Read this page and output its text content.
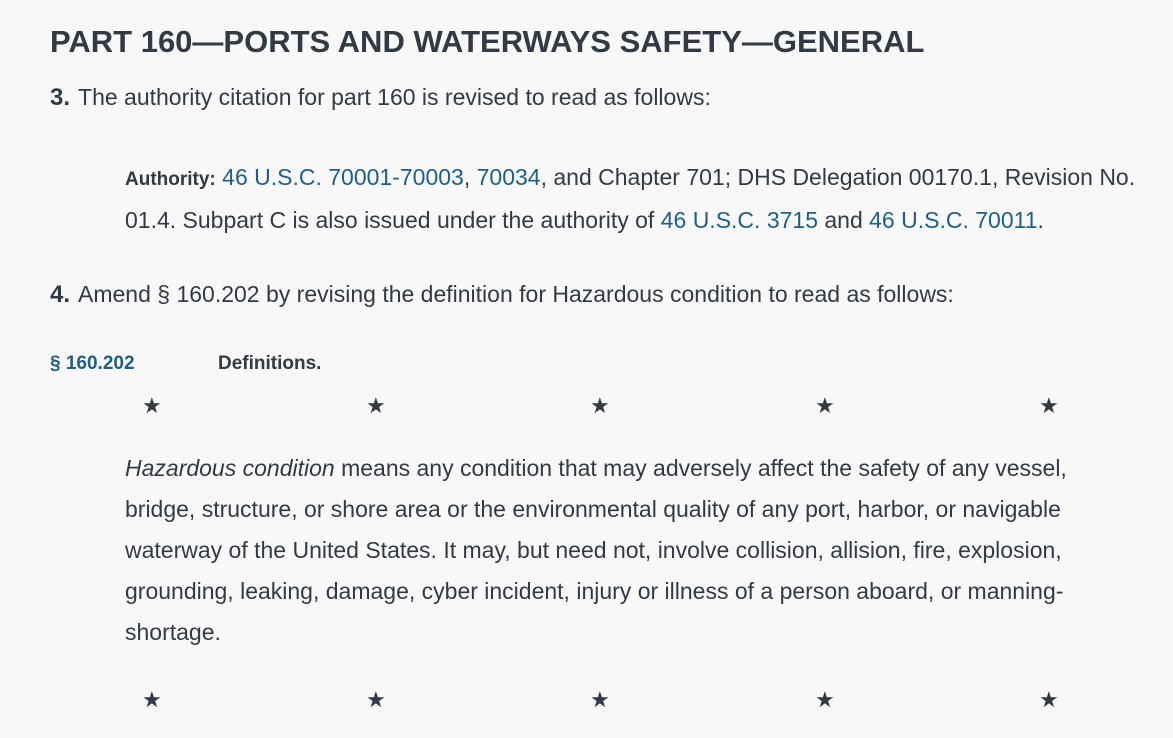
PART 160—PORTS AND WATERWAYS SAFETY—GENERAL
3. The authority citation for part 160 is revised to read as follows:
Authority: 46 U.S.C. 70001-70003, 70034, and Chapter 701; DHS Delegation 00170.1, Revision No. 01.4. Subpart C is also issued under the authority of 46 U.S.C. 3715 and 46 U.S.C. 70011.
4. Amend § 160.202 by revising the definition for Hazardous condition to read as follows:
§ 160.202	Definitions.
★	★	★	★	★
Hazardous condition means any condition that may adversely affect the safety of any vessel, bridge, structure, or shore area or the environmental quality of any port, harbor, or navigable waterway of the United States. It may, but need not, involve collision, allision, fire, explosion, grounding, leaking, damage, cyber incident, injury or illness of a person aboard, or manning-shortage.
★	★	★	★	★
